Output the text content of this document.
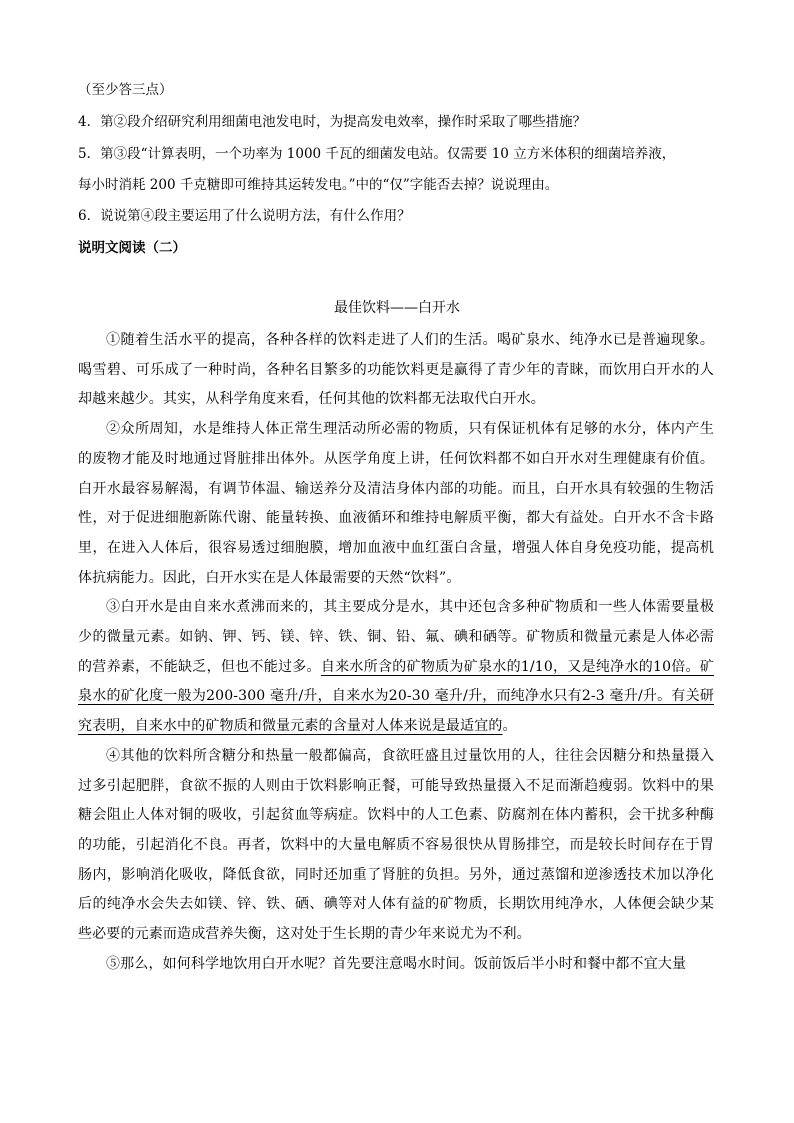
（至少答三点）
4．第②段介绍研究利用细菌电池发电时，为提高发电效率，操作时采取了哪些措施？
5．第③段“计算表明，一个功率为 1000 千瓦的细菌发电站。仅需要 10 立方米体积的细菌培养液，
每小时消耗 200 千克糖即可维持其运转发电。”中的“仅”字能否去掉？说说理由。
6．说说第④段主要运用了什么说明方法，有什么作用？
说明文阅读（二）
最佳饮料——白开水

①随着生活水平的提高，各种各样的饮料走进了人们的生活。喝矿泉水、纯净水已是普遍现象。喝雪碧、可乐成了一种时尚，各种名目繁多的功能饮料更是赢得了青少年的青睐，而饮用白开水的人却越来越少。其实，从科学角度来看，任何其他的饮料都无法取代白开水。

②众所周知，水是维持人体正常生理活动所必需的物质，只有保证机体有足够的水分，体内产生的废物才能及时地通过肾脏排出体外。从医学角度上讲，任何饮料都不如白开水对生理健康有价值。白开水最容易解渴，有调节体温、输送养分及清洁身体内部的功能。而且，白开水具有较强的生物活性，对于促进细胞新陈代谢、能量转换、血液循环和维持电解质平衡，都大有益处。白开水不含卡路里，在进入人体后，很容易透过细胞膜，增加血液中血红蛋白含量，增强人体自身免疫功能，提高机体抗病能力。因此，白开水实在是人体最需要的天然“饮料”。

③白开水是由自来水煮沸而来的，其主要成分是水，其中还包含多种矿物质和一些人体需要量极少的微量元素。如钠、钾、钙、镁、锌、铁、铜、铅、氟、碘和硒等。矿物质和微量元素是人体必需的营养素，不能缺乏，但也不能过多。自来水所含的矿物质为矿泉水的1/10，又是纯净水的10倍。矿泉水的矿化度一般为200-300 毫升/升，自来水为20-30 毫升/升，而纯净水只有2-3 毫升/升。有关研究表明，自来水中的矿物质和微量元素的含量对人体来说是最适宜的。

④其他的饮料所含糖分和热量一般都偏高，食欲旺盛且过量饮用的人，往往会因糖分和热量摄入过多引起肥胖，食欲不振的人则由于饮料影响正餐，可能导致热量摄入不足而渐趋瘦弱。饮料中的果糖会阻止人体对铜的吸收，引起贫血等病症。饮料中的人工色素、防腐剂在体内蓄积，会干扰多种酶的功能，引起消化不良。再者，饮料中的大量电解质不容易很快从胃肠排空，而是较长时间存在于胃肠内，影响消化吸收，降低食欲，同时还加重了肾脏的负担。另外，通过蒸馏和逆渗透技术加以净化后的纯净水会失去如镁、锌、铁、硒、碘等对人体有益的矿物质，长期饮用纯净水，人体便会缺少某些必要的元素而造成营养失衡，这对处于生长期的青少年来说尤为不利。

⑤那么，如何科学地饮用白开水呢？首先要注意喝水时间。饭前饭后半小时和餐中都不宜大量
